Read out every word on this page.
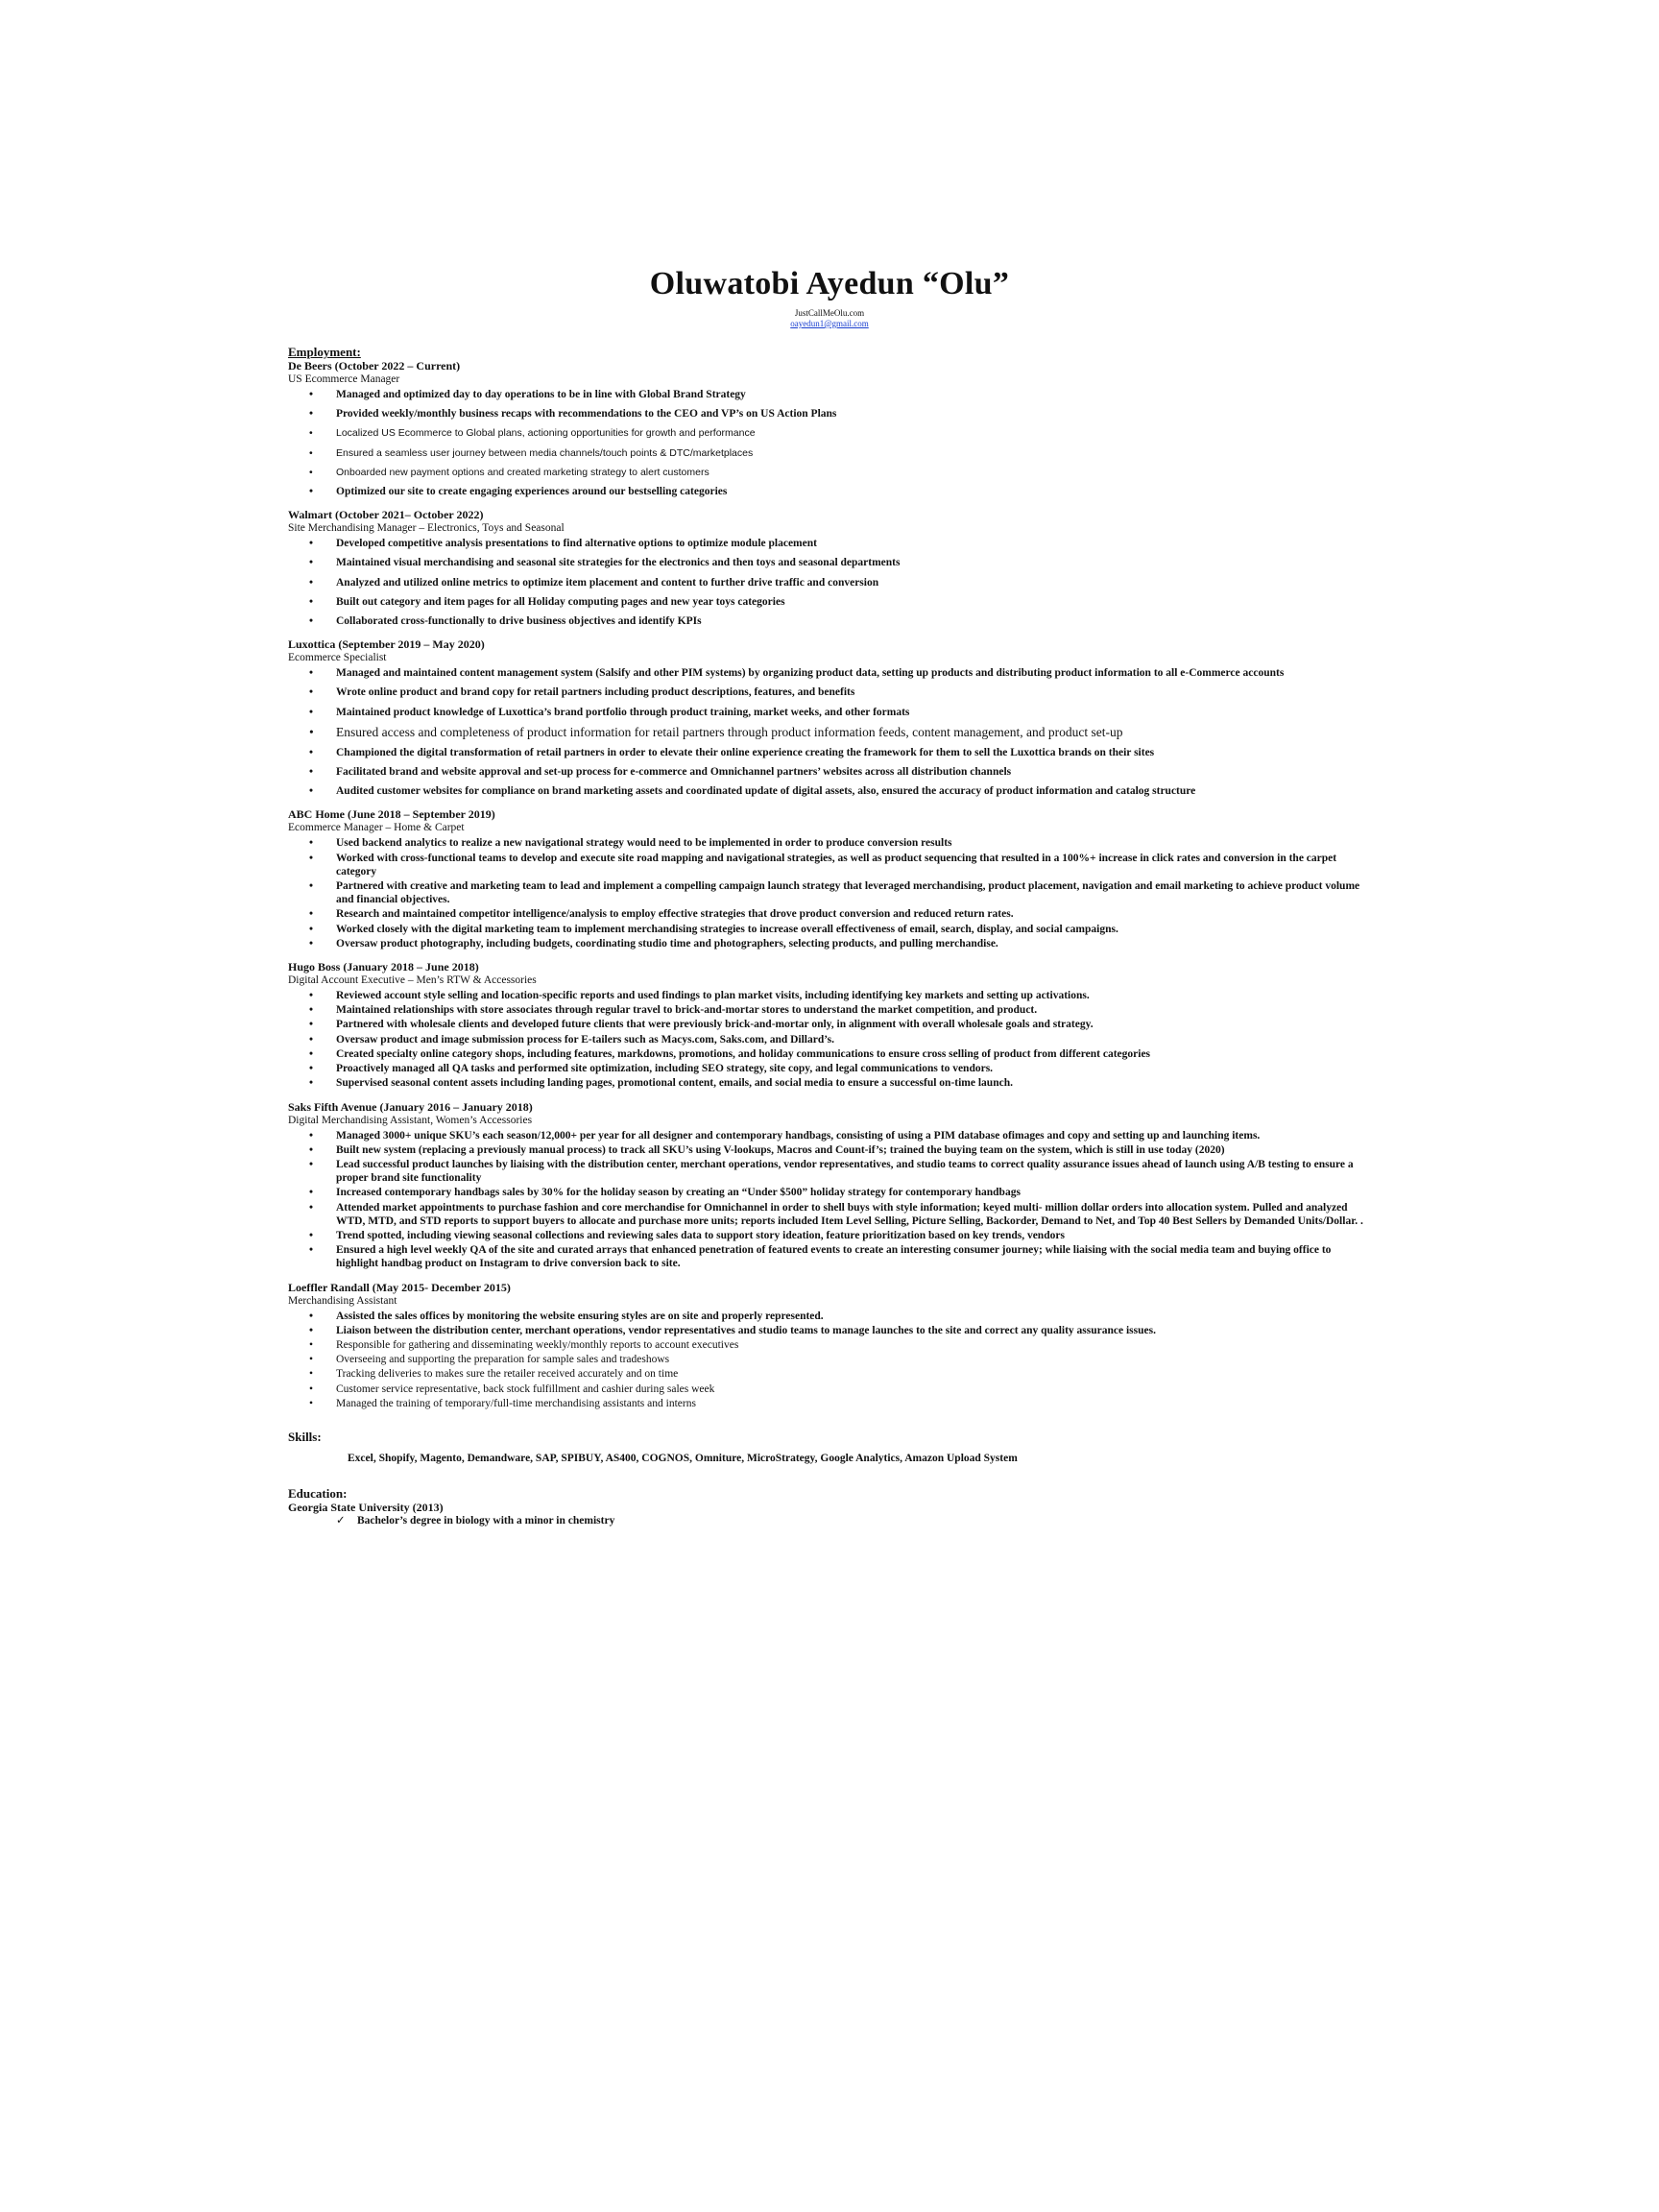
Oluwatobi Ayedun “Olu”
JustCallMeOlu.com
oayedun1@gmail.com
Employment:
De Beers (October 2022 – Current)
US Ecommerce Manager
• Managed and optimized day to day operations to be in line with Global Brand Strategy
• Provided weekly/monthly business recaps with recommendations to the CEO and VP’s on US Action Plans
• Localized US Ecommerce to Global plans, actioning opportunities for growth and performance
• Ensured a seamless user journey between media channels/touch points & DTC/marketplaces
• Onboarded new payment options and created marketing strategy to alert customers
• Optimized our site to create engaging experiences around our bestselling categories
Walmart (October 2021– October 2022)
Site Merchandising Manager – Electronics, Toys and Seasonal
• Developed competitive analysis presentations to find alternative options to optimize module placement
• Maintained visual merchandising and seasonal site strategies for the electronics and then toys and seasonal departments
• Analyzed and utilized online metrics to optimize item placement and content to further drive traffic and conversion
• Built out category and item pages for all Holiday computing pages and new year toys categories
• Collaborated cross-functionally to drive business objectives and identify KPIs
Luxottica (September 2019 – May 2020)
Ecommerce Specialist
• Managed and maintained content management system (Salsify and other PIM systems) by organizing product data, setting up products and distributing product information to all e-Commerce accounts
• Wrote online product and brand copy for retail partners including product descriptions, features, and benefits
• Maintained product knowledge of Luxottica’s brand portfolio through product training, market weeks, and other formats
• Ensured access and completeness of product information for retail partners through product information feeds, content management, and product set-up
• Championed the digital transformation of retail partners in order to elevate their online experience creating the framework for them to sell the Luxottica brands on their sites
• Facilitated brand and website approval and set-up process for e-commerce and Omnichannel partners’ websites across all distribution channels
• Audited customer websites for compliance on brand marketing assets and coordinated update of digital assets, also, ensured the accuracy of product information and catalog structure
ABC Home (June 2018 – September 2019)
Ecommerce Manager – Home & Carpet
• Used backend analytics to realize a new navigational strategy would need to be implemented in order to produce conversion results
• Worked with cross-functional teams to develop and execute site road mapping and navigational strategies, as well as product sequencing that resulted in a 100%+ increase in click rates and conversion in the carpet category
• Partnered with creative and marketing team to lead and implement a compelling campaign launch strategy that leveraged merchandising, product placement, navigation and email marketing to achieve product volume and financial objectives.
• Research and maintained competitor intelligence/analysis to employ effective strategies that drove product conversion and reduced return rates.
• Worked closely with the digital marketing team to implement merchandising strategies to increase overall effectiveness of email, search, display, and social campaigns.
• Oversaw product photography, including budgets, coordinating studio time and photographers, selecting products, and pulling merchandise.
Hugo Boss (January 2018 – June 2018)
Digital Account Executive – Men’s RTW & Accessories
• Reviewed account style selling and location-specific reports and used findings to plan market visits, including identifying key markets and setting up activations.
• Maintained relationships with store associates through regular travel to brick-and-mortar stores to understand the market competition, and product.
• Partnered with wholesale clients and developed future clients that were previously brick-and-mortar only, in alignment with overall wholesale goals and strategy.
• Oversaw product and image submission process for E-tailers such as Macys.com, Saks.com, and Dillard’s.
• Created specialty online category shops, including features, markdowns, promotions, and holiday communications to ensure cross selling of product from different categories
• Proactively managed all QA tasks and performed site optimization, including SEO strategy, site copy, and legal communications to vendors.
• Supervised seasonal content assets including landing pages, promotional content, emails, and social media to ensure a successful on-time launch.
Saks Fifth Avenue (January 2016 – January 2018)
Digital Merchandising Assistant, Women’s Accessories
• Managed 3000+ unique SKU’s each season/12,000+ per year for all designer and contemporary handbags, consisting of using a PIM database ofimages and copy and setting up and launching items.
• Built new system (replacing a previously manual process) to track all SKU’s using V-lookups, Macros and Count-if’s; trained the buying team on the system, which is still in use today (2020)
• Lead successful product launches by liaising with the distribution center, merchant operations, vendor representatives, and studio teams to correct quality assurance issues ahead of launch using A/B testing to ensure a proper brand site functionality
• Increased contemporary handbags sales by 30% for the holiday season by creating an “Under $500” holiday strategy for contemporary handbags
• Attended market appointments to purchase fashion and core merchandise for Omnichannel in order to shell buys with style information; keyed multi- million dollar orders into allocation system. Pulled and analyzed WTD, MTD, and STD reports to support buyers to allocate and purchase more units; reports included Item Level Selling, Picture Selling, Backorder, Demand to Net, and Top 40 Best Sellers by Demanded Units/Dollar. .
• Trend spotted, including viewing seasonal collections and reviewing sales data to support story ideation, feature prioritization based on key trends, vendors
• Ensured a high level weekly QA of the site and curated arrays that enhanced penetration of featured events to create an interesting consumer journey; while liaising with the social media team and buying office to highlight handbag product on Instagram to drive conversion back to site.
Loeffler Randall (May 2015- December 2015)
Merchandising Assistant
• Assisted the sales offices by monitoring the website ensuring styles are on site and properly represented.
• Liaison between the distribution center, merchant operations, vendor representatives and studio teams to manage launches to the site and correct any quality assurance issues.
• Responsible for gathering and disseminating weekly/monthly reports to account executives
• Overseeing and supporting the preparation for sample sales and tradeshows
• Tracking deliveries to makes sure the retailer received accurately and on time
• Customer service representative, back stock fulfillment and cashier during sales week
• Managed the training of temporary/full-time merchandising assistants and interns
Skills:
Excel, Shopify, Magento, Demandware, SAP, SPIBUY, AS400, COGNOS, Omniture, MicroStrategy, Google Analytics, Amazon Upload System
Education:
Georgia State University (2013)
✓ Bachelor’s degree in biology with a minor in chemistry
